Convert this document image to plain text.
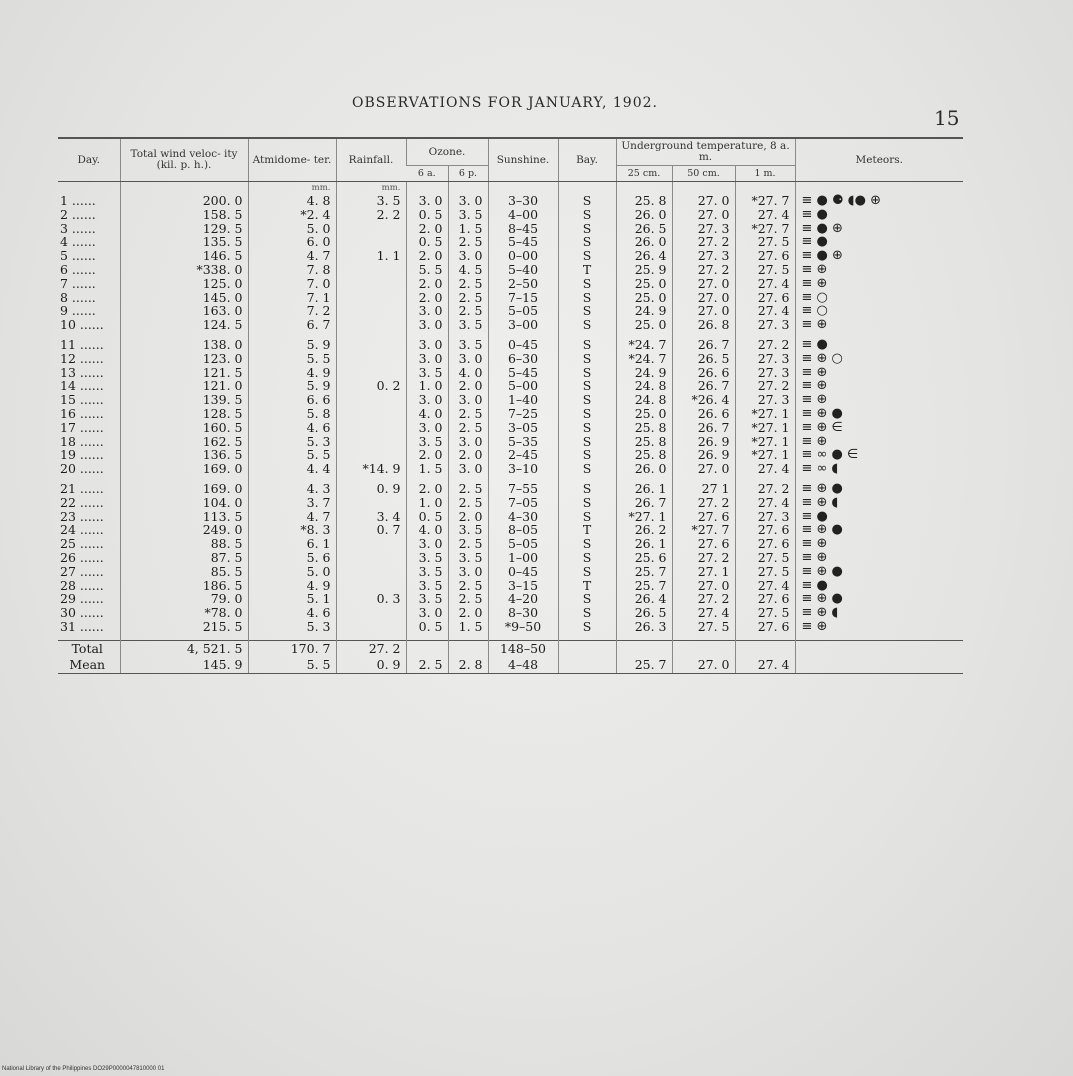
OBSERVATIONS FOR JANUARY, 1902.
15
Day.	Total wind veloc- ity (kil. p. h.).	Atmidome- ter.	Rainfall.	Ozone.		Sunshine.	Bay.	Underground temperature, 8 a. m.			Meteors.
				6 a.	6 p.			25 cm.	50 cm.	1 m.	
		mm.	mm.								
1 ......	200. 0	4. 8	3. 5	3. 0	3. 0	3–30	S	25. 8	27. 0	*27. 7	≡ ● ⚈ ◖● ⊕
2 ......	158. 5	*2. 4	2. 2	0. 5	3. 5	4–00	S	26. 0	27. 0	27. 4	≡ ●
3 ......	129. 5	5. 0		2. 0	1. 5	8–45	S	26. 5	27. 3	*27. 7	≡ ● ⊕
4 ......	135. 5	6. 0		0. 5	2. 5	5–45	S	26. 0	27. 2	27. 5	≡ ●
5 ......	146. 5	4. 7	1. 1	2. 0	3. 0	0–00	S	26. 4	27. 3	27. 6	≡ ● ⊕
6 ......	*338. 0	7. 8		5. 5	4. 5	5–40	T	25. 9	27. 2	27. 5	≡ ⊕
7 ......	125. 0	7. 0		2. 0	2. 5	2–50	S	25. 0	27. 0	27. 4	≡ ⊕
8 ......	145. 0	7. 1		2. 0	2. 5	7–15	S	25. 0	27. 0	27. 6	≡ ○
9 ......	163. 0	7. 2		3. 0	2. 5	5–05	S	24. 9	27. 0	27. 4	≡ ○
10 ......	124. 5	6. 7		3. 0	3. 5	3–00	S	25. 0	26. 8	27. 3	≡ ⊕

11 ......	138. 0	5. 9		3. 0	3. 5	0–45	S	*24. 7	26. 7	27. 2	≡ ●
12 ......	123. 0	5. 5		3. 0	3. 0	6–30	S	*24. 7	26. 5	27. 3	≡ ⊕ ○
13 ......	121. 5	4. 9		3. 5	4. 0	5–45	S	24. 9	26. 6	27. 3	≡ ⊕
14 ......	121. 0	5. 9	0. 2	1. 0	2. 0	5–00	S	24. 8	26. 7	27. 2	≡ ⊕
15 ......	139. 5	6. 6		3. 0	3. 0	1–40	S	24. 8	*26. 4	27. 3	≡ ⊕
16 ......	128. 5	5. 8		4. 0	2. 5	7–25	S	25. 0	26. 6	*27. 1	≡ ⊕ ●
17 ......	160. 5	4. 6		3. 0	2. 5	3–05	S	25. 8	26. 7	*27. 1	≡ ⊕ ∈
18 ......	162. 5	5. 3		3. 5	3. 0	5–35	S	25. 8	26. 9	*27. 1	≡ ⊕
19 ......	136. 5	5. 5		2. 0	2. 0	2–45	S	25. 8	26. 9	*27. 1	≡ ∞ ● ∈
20 ......	169. 0	4. 4	*14. 9	1. 5	3. 0	3–10	S	26. 0	27. 0	27. 4	≡ ∞ ◖

21 ......	169. 0	4. 3	0. 9	2. 0	2. 5	7–55	S	26. 1	27 1	27. 2	≡ ⊕ ●
22 ......	104. 0	3. 7		1. 0	2. 5	7–05	S	26. 7	27. 2	27. 4	≡ ⊕ ◖
23 ......	113. 5	4. 7	3. 4	0. 5	2. 0	4–30	S	*27. 1	27. 6	27. 3	≡ ●
24 ......	249. 0	*8. 3	0. 7	4. 0	3. 5	8–05	T	26. 2	*27. 7	27. 6	≡ ⊕ ●
25 ......	88. 5	6. 1		3. 0	2. 5	5–05	S	26. 1	27. 6	27. 6	≡ ⊕
26 ......	87. 5	5. 6		3. 5	3. 5	1–00	S	25. 6	27. 2	27. 5	≡ ⊕
27 ......	85. 5	5. 0		3. 5	3. 0	0–45	S	25. 7	27. 1	27. 5	≡ ⊕ ●
28 ......	186. 5	4. 9		3. 5	2. 5	3–15	T	25. 7	27. 0	27. 4	≡ ●
29 ......	79. 0	5. 1	0. 3	3. 5	2. 5	4–20	S	26. 4	27. 2	27. 6	≡ ⊕ ●
30 ......	*78. 0	4. 6		3. 0	2. 0	8–30	S	26. 5	27. 4	27. 5	≡ ⊕ ◖
31 ......	215. 5	5. 3		0. 5	1. 5	*9–50	S	26. 3	27. 5	27. 6	≡ ⊕

Total	4, 521. 5	170. 7	27. 2			148–50					
Mean	145. 9	5. 5	0. 9	2. 5	2. 8	4–48		25. 7	27. 0	27. 4	
National Library of the Philippines DO29P0000047810000 01
